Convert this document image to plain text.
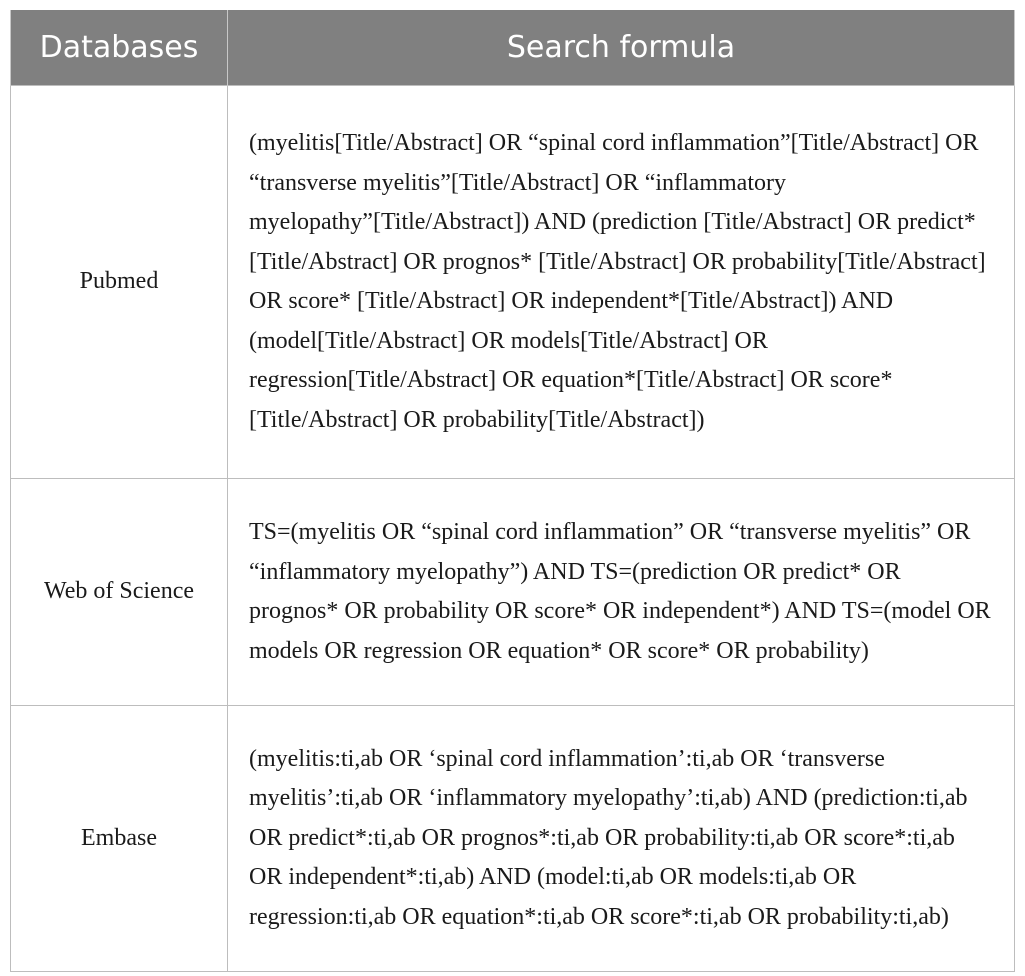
Databases	Search formula
Pubmed	(myelitis[Title/Abstract] OR “spinal cord inflammation”[Title/Abstract] OR “transverse myelitis”[Title/Abstract] OR “inflammatory myelopathy”[Title/Abstract]) AND (prediction [Title/Abstract] OR predict*[Title/Abstract] OR prognos* [Title/Abstract] OR probability[Title/Abstract] OR score* [Title/Abstract] OR independent*[Title/Abstract]) AND (model[Title/Abstract] OR models[Title/Abstract] OR regression[Title/Abstract] OR equation*[Title/Abstract] OR score*[Title/Abstract] OR probability[Title/Abstract])
Web of Science	TS=(myelitis OR “spinal cord inflammation” OR “transverse myelitis” OR “inflammatory myelopathy”) AND TS=(prediction OR predict* OR prognos* OR probability OR score* OR independent*) AND TS=(model OR models OR regression OR equation* OR score* OR probability)
Embase	(myelitis:ti,ab OR ‘spinal cord inflammation’:ti,ab OR ‘transverse myelitis’:ti,ab OR ‘inflammatory myelopathy’:ti,ab) AND (prediction:ti,ab OR predict*:ti,ab OR prognos*:ti,ab OR probability:ti,ab OR score*:ti,ab OR independent*:ti,ab) AND (model:ti,ab OR models:ti,ab OR regression:ti,ab OR equation*:ti,ab OR score*:ti,ab OR probability:ti,ab)
